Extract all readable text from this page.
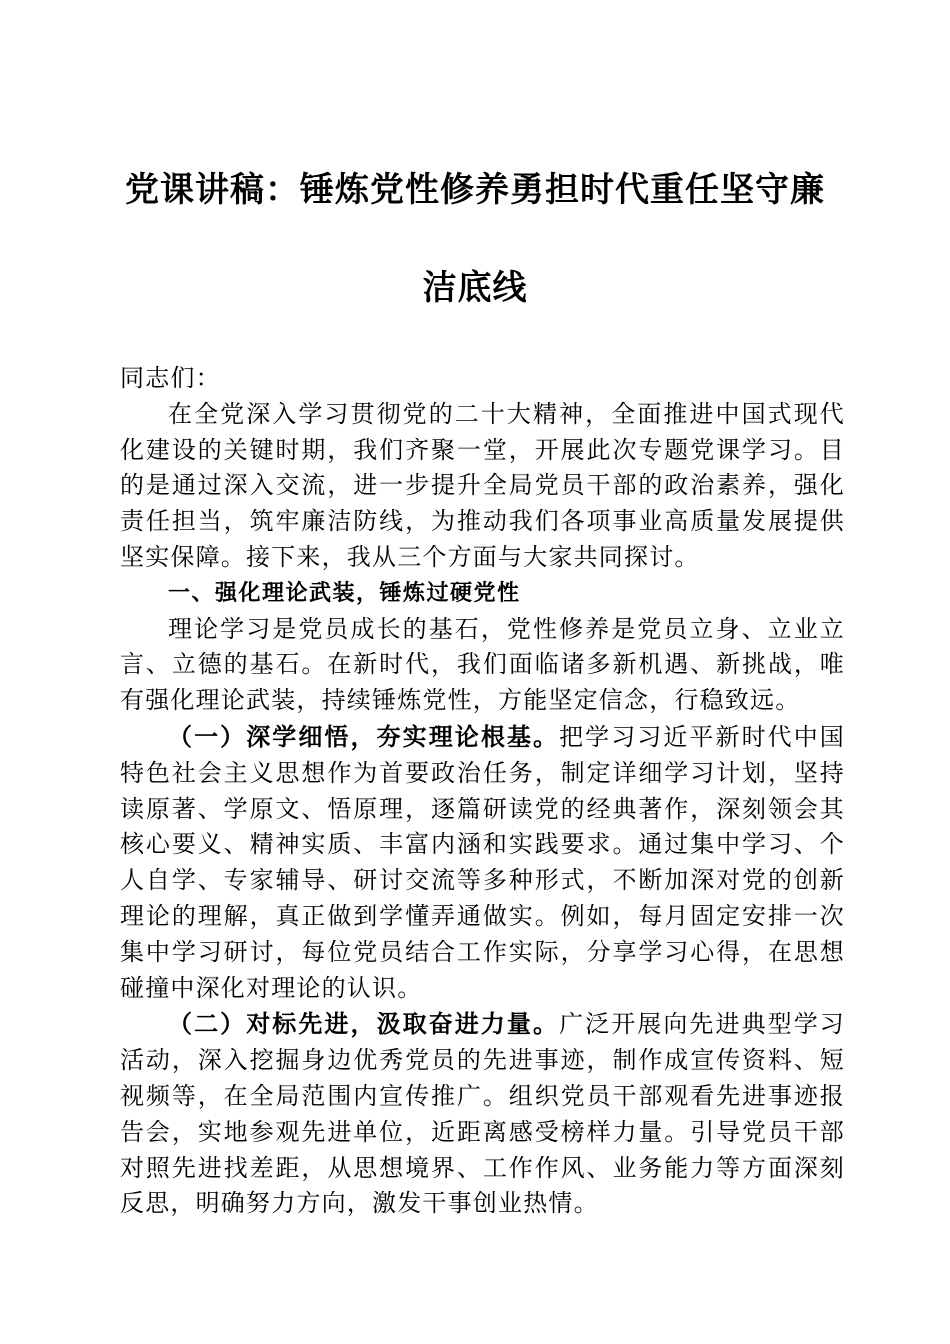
党课讲稿：锤炼党性修养勇担时代重任坚守廉
洁底线

同志们：

在全党深入学习贯彻党的二十大精神，全面推进中国式现代化建设的关键时期，我们齐聚一堂，开展此次专题党课学习。目的是通过深入交流，进一步提升全局党员干部的政治素养，强化责任担当，筑牢廉洁防线，为推动我们各项事业高质量发展提供坚实保障。接下来，我从三个方面与大家共同探讨。

一、强化理论武装，锤炼过硬党性

理论学习是党员成长的基石，党性修养是党员立身、立业立言、立德的基石。在新时代，我们面临诸多新机遇、新挑战，唯有强化理论武装，持续锤炼党性，方能坚定信念，行稳致远。

（一）深学细悟，夯实理论根基。把学习习近平新时代中国特色社会主义思想作为首要政治任务，制定详细学习计划，坚持读原著、学原文、悟原理，逐篇研读党的经典著作，深刻领会其核心要义、精神实质、丰富内涵和实践要求。通过集中学习、个人自学、专家辅导、研讨交流等多种形式，不断加深对党的创新理论的理解，真正做到学懂弄通做实。例如，每月固定安排一次集中学习研讨，每位党员结合工作实际，分享学习心得，在思想碰撞中深化对理论的认识。

（二）对标先进，汲取奋进力量。广泛开展向先进典型学习活动，深入挖掘身边优秀党员的先进事迹，制作成宣传资料、短视频等，在全局范围内宣传推广。组织党员干部观看先进事迹报告会，实地参观先进单位，近距离感受榜样力量。引导党员干部对照先进找差距，从思想境界、工作作风、业务能力等方面深刻反思，明确努力方向，激发干事创业热情。
